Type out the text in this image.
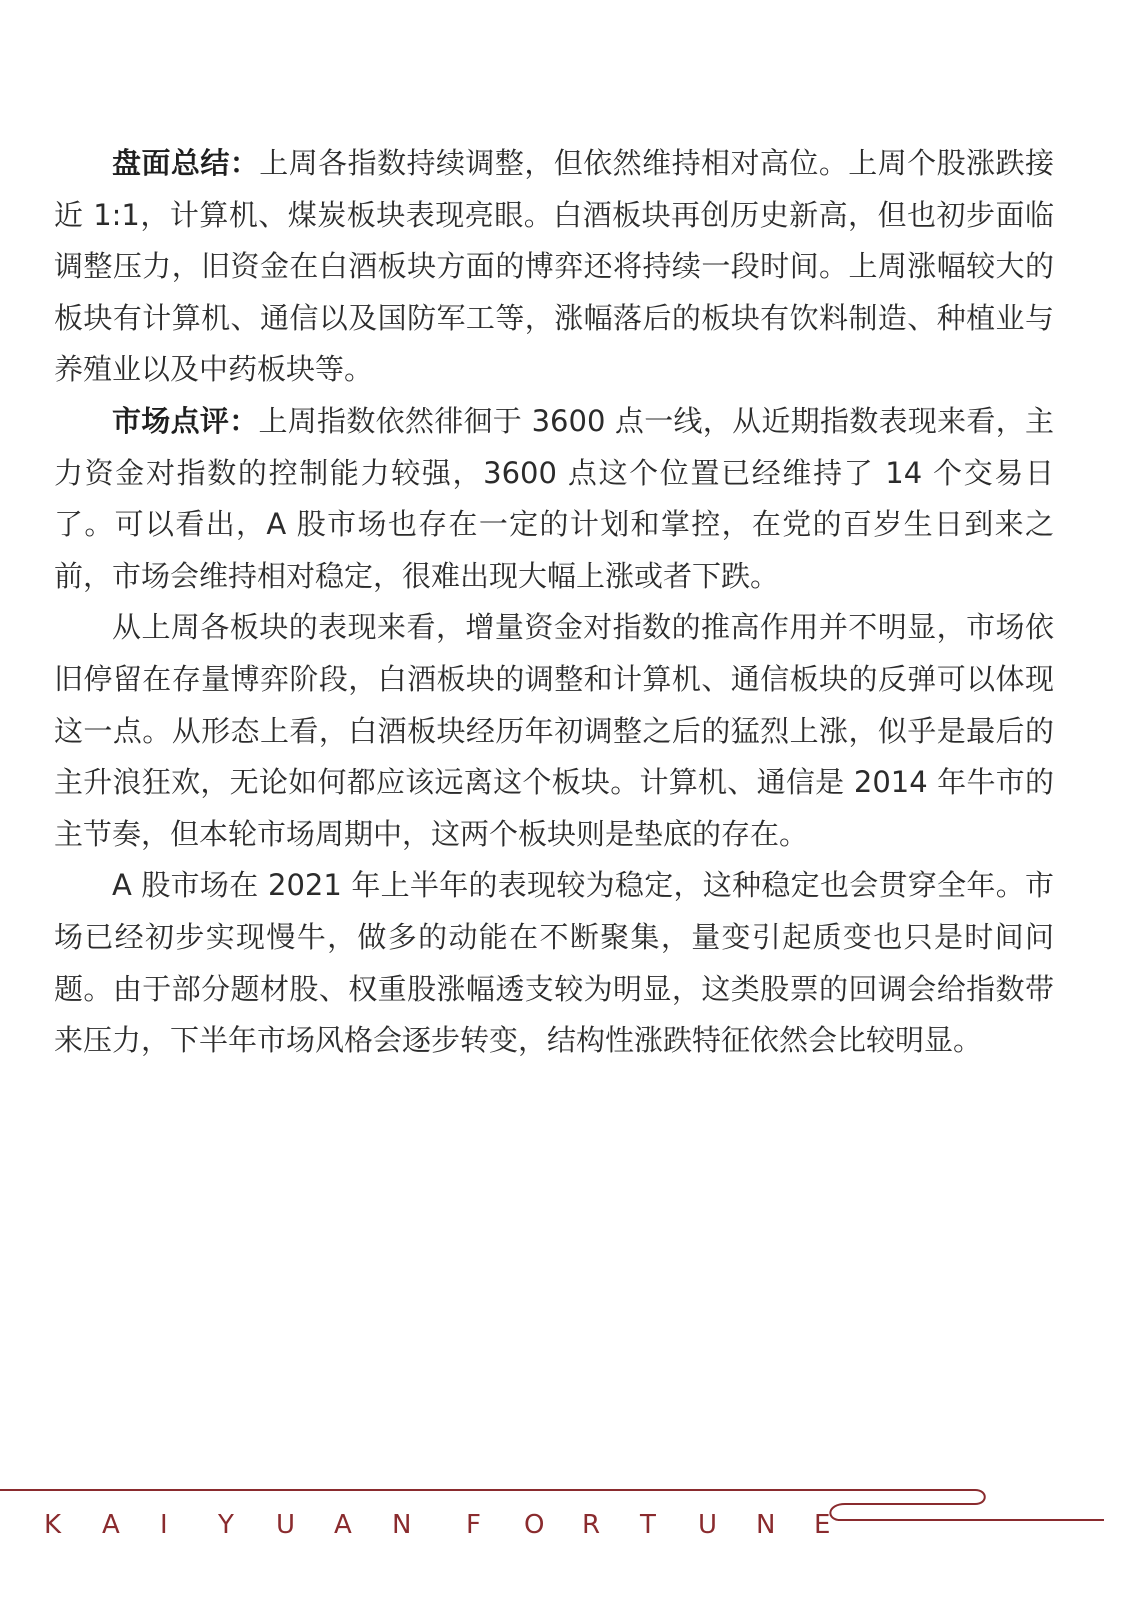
盘面总结：上周各指数持续调整，但依然维持相对高位。上周个股涨跌接近 1:1，计算机、煤炭板块表现亮眼。白酒板块再创历史新高，但也初步面临调整压力，旧资金在白酒板块方面的博弈还将持续一段时间。上周涨幅较大的板块有计算机、通信以及国防军工等，涨幅落后的板块有饮料制造、种植业与养殖业以及中药板块等。

市场点评：上周指数依然徘徊于 3600 点一线，从近期指数表现来看，主力资金对指数的控制能力较强，3600 点这个位置已经维持了 14 个交易日了。可以看出，A 股市场也存在一定的计划和掌控，在党的百岁生日到来之前，市场会维持相对稳定，很难出现大幅上涨或者下跌。

从上周各板块的表现来看，增量资金对指数的推高作用并不明显，市场依旧停留在存量博弈阶段，白酒板块的调整和计算机、通信板块的反弹可以体现这一点。从形态上看，白酒板块经历年初调整之后的猛烈上涨，似乎是最后的主升浪狂欢，无论如何都应该远离这个板块。计算机、通信是 2014 年牛市的主节奏，但本轮市场周期中，这两个板块则是垫底的存在。

A 股市场在 2021 年上半年的表现较为稳定，这种稳定也会贯穿全年。市场已经初步实现慢牛，做多的动能在不断聚集，量变引起质变也只是时间问题。由于部分题材股、权重股涨幅透支较为明显，这类股票的回调会给指数带来压力，下半年市场风格会逐步转变，结构性涨跌特征依然会比较明显。

K	A	I	Y	U	A	N	F	O	R	T	U	N	E
